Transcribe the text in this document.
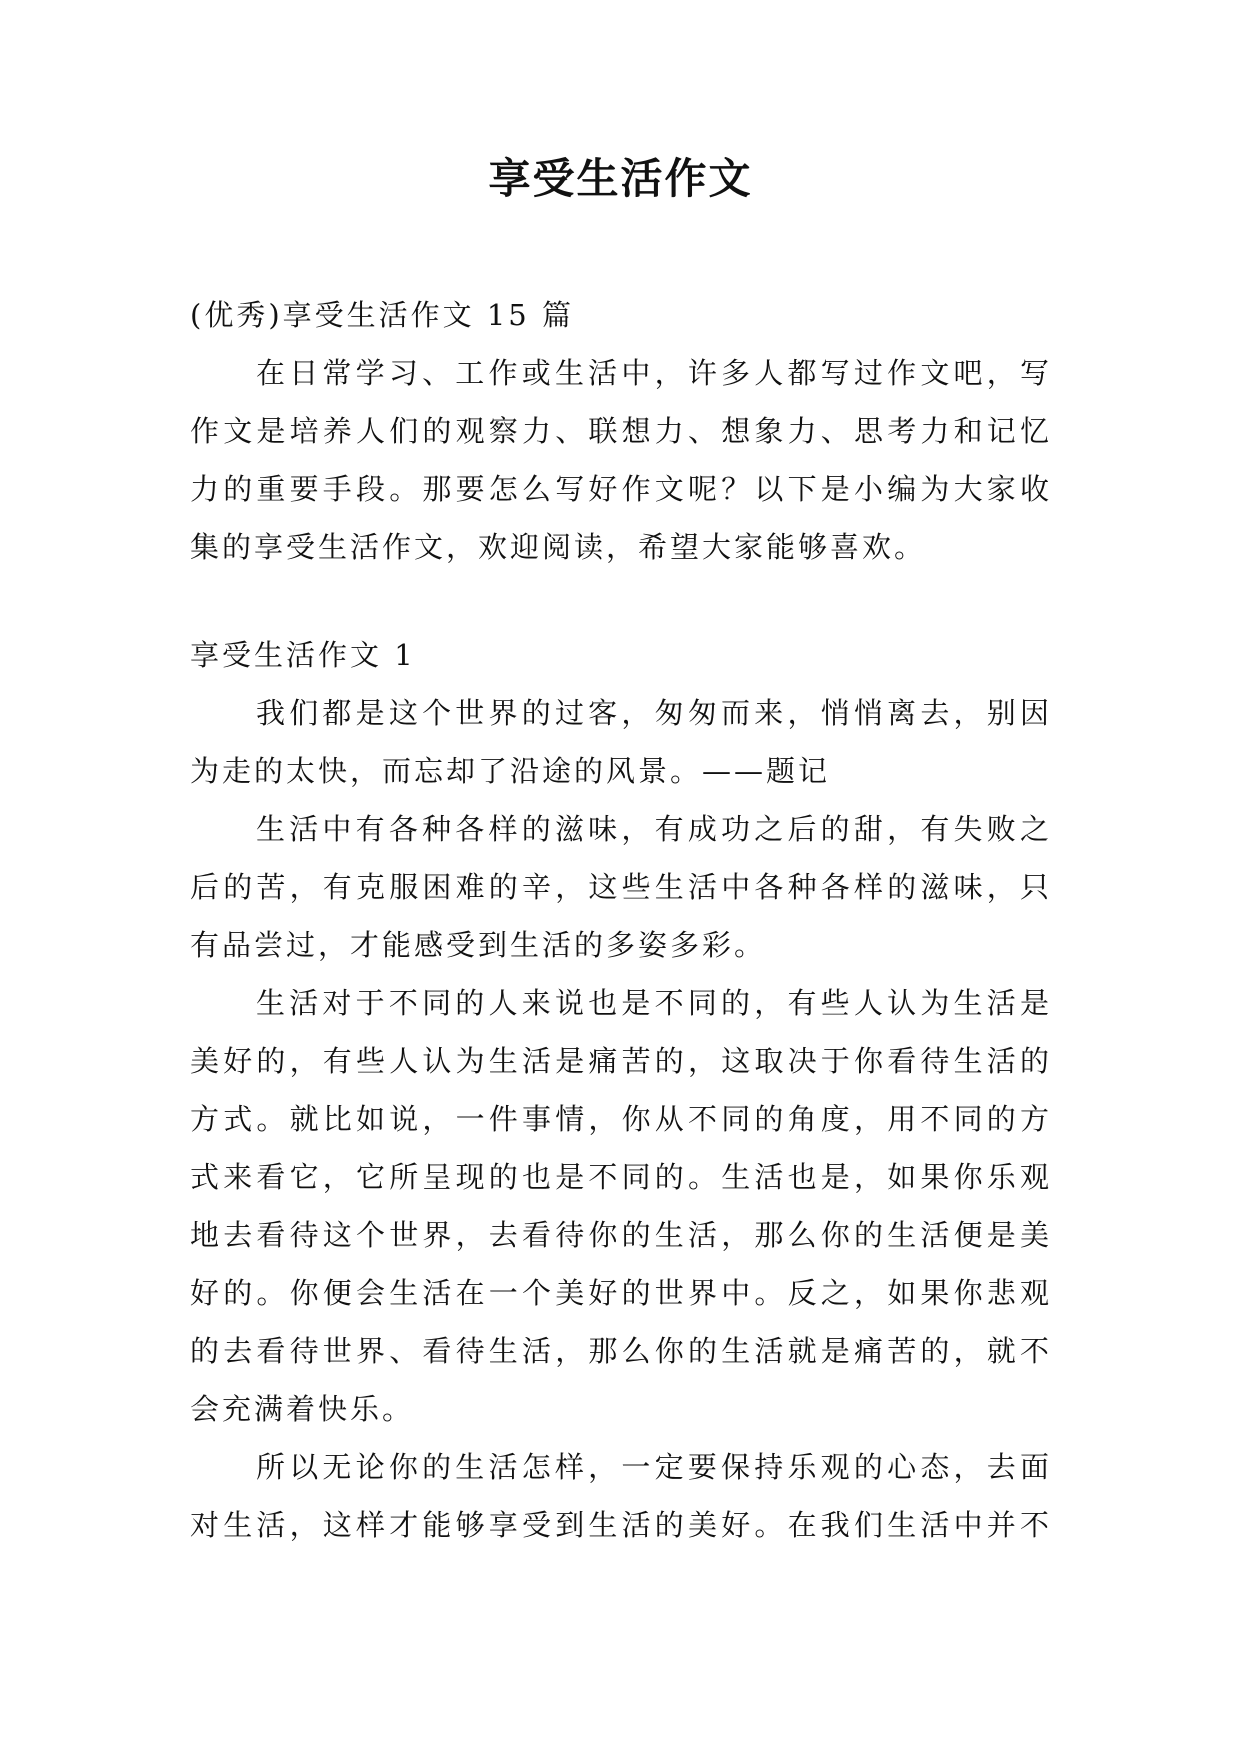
享受生活作文
(优秀)享受生活作文 15 篇
在日常学习、工作或生活中，许多人都写过作文吧，写
作文是培养人们的观察力、联想力、想象力、思考力和记忆
力的重要手段。那要怎么写好作文呢？以下是小编为大家收
集的享受生活作文，欢迎阅读，希望大家能够喜欢。
享受生活作文 1
我们都是这个世界的过客，匆匆而来，悄悄离去，别因
为走的太快，而忘却了沿途的风景。——题记
生活中有各种各样的滋味，有成功之后的甜，有失败之
后的苦，有克服困难的辛，这些生活中各种各样的滋味，只
有品尝过，才能感受到生活的多姿多彩。
生活对于不同的人来说也是不同的，有些人认为生活是
美好的，有些人认为生活是痛苦的，这取决于你看待生活的
方式。就比如说，一件事情，你从不同的角度，用不同的方
式来看它，它所呈现的也是不同的。生活也是，如果你乐观
地去看待这个世界，去看待你的生活，那么你的生活便是美
好的。你便会生活在一个美好的世界中。反之，如果你悲观
的去看待世界、看待生活，那么你的生活就是痛苦的，就不
会充满着快乐。
所以无论你的生活怎样，一定要保持乐观的心态，去面
对生活，这样才能够享受到生活的美好。在我们生活中并不
